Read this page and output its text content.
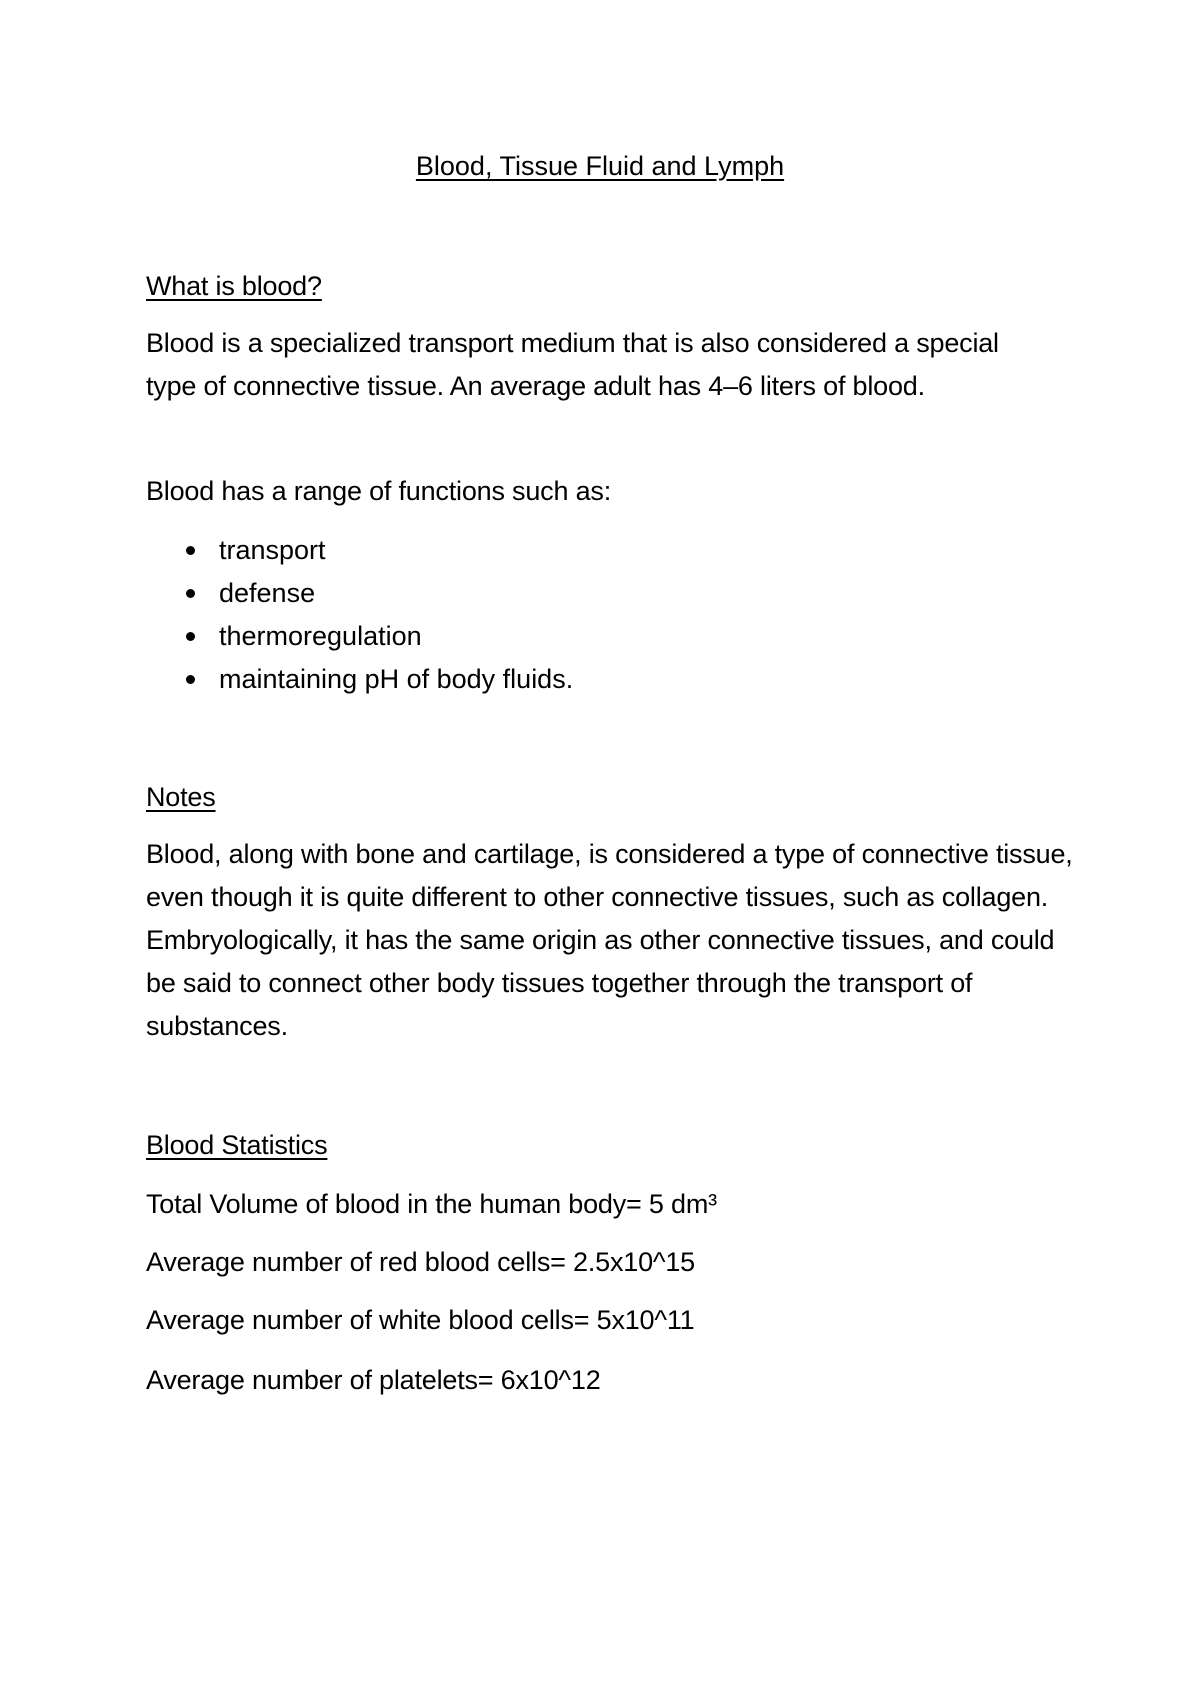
Blood, Tissue Fluid and Lymph
What is blood?

Blood is a specialized transport medium that is also considered a special type of connective tissue. An average adult has 4–6 liters of blood.

Blood has a range of functions such as:
transport
defense
thermoregulation
maintaining pH of body fluids.
Notes

Blood, along with bone and cartilage, is considered a type of connective tissue, even though it is quite different to other connective tissues, such as collagen. Embryologically, it has the same origin as other connective tissues, and could be said to connect other body tissues together through the transport of substances.

Blood Statistics
Total Volume of blood in the human body= 5 dm³
Average number of red blood cells= 2.5x10^15
Average number of white blood cells= 5x10^11
Average number of platelets= 6x10^12
